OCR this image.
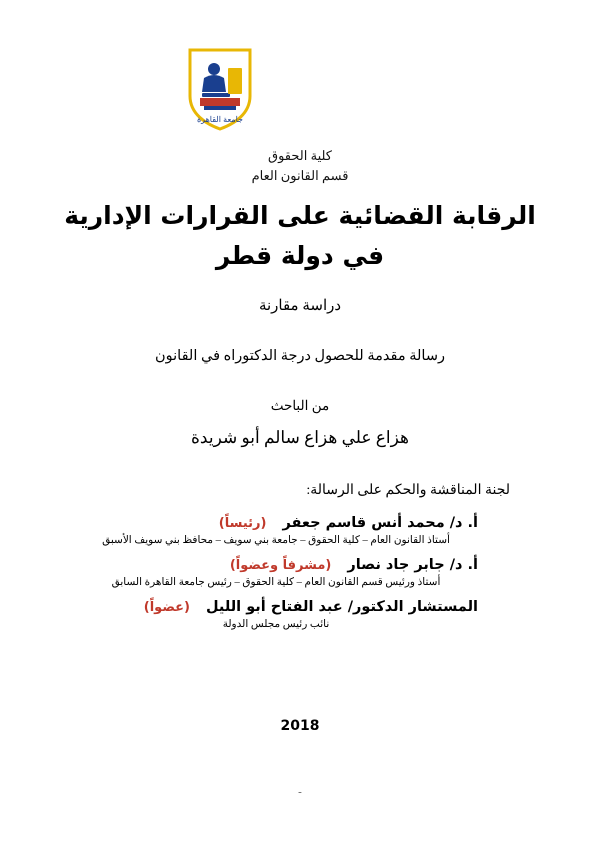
جامعة القاهرة
كلية الحقوق
قسم القانون العام
الرقابة القضائية على القرارات الإدارية
في دولة قطر
دراسة مقارنة
رسالة مقدمة للحصول درجة الدكتوراه في القانون
من الباحث
هزاع علي هزاع سالم أبو شريدة
لجنة المناقشة والحكم على الرسالة:
أ. د/ محمد أنس قاسم جعفر
(رئيساً)
أستاذ القانون العام – كلية الحقوق – جامعة بني سويف – محافظ بني سويف الأسبق
أ. د/ جابر جاد نصار
(مشرفاً وعضواً)
أستاذ ورئيس قسم القانون العام – كلية الحقوق – رئيس جامعة القاهرة السابق
المستشار الدكتور/ عبد الفتاح أبو الليل
(عضواً)
نائب رئيس مجلس الدولة
2018
-
